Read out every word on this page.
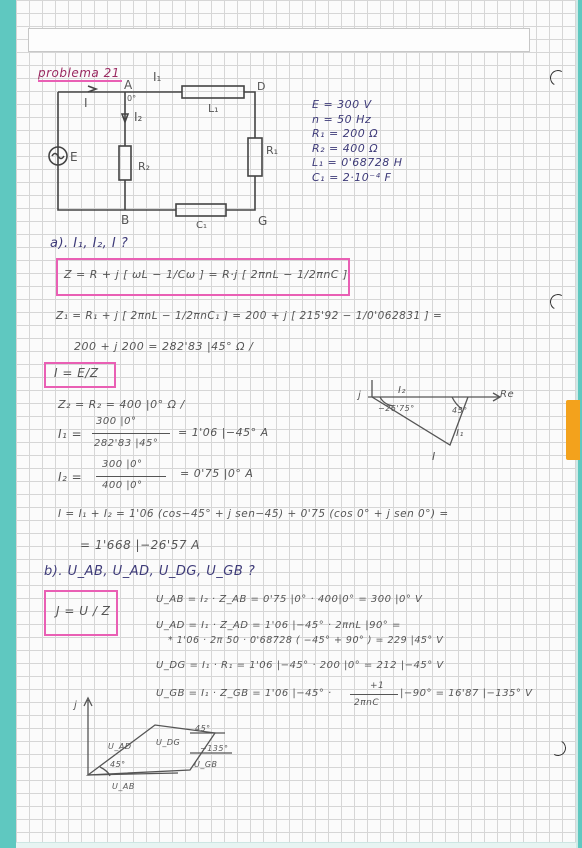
problema 21
A
I₁
D
I	0°
I₂
L₁
R₁
R₂
E
B	C₁	G
E = 300 V
n = 50 Hz
R₁ = 200 Ω
R₂ = 400 Ω
L₁ = 0'68728 H
C₁ = 2·10⁻⁴ F
a). I₁, I₂, I ?
Z = R + j [ ωL − 1/Cω ] = R·j [ 2πnL − 1/2πnC ]
Z₁ = R₁ + j [ 2πnL − 1/2πnC₁ ] = 200 + j [ 215'92 − 1/0'062831 ] =
200 + j 200 = 282'83 |45° Ω /
I = E/Z
Z₂ = R₂ = 400 |0° Ω /
I₁ =
300 |0°
282'83 |45°
= 1'06 |−45° A
I₂ =
300 |0°
400 |0°
= 0'75 |0° A
I = I₁ + I₂ = 1'06 (cos−45° + j sen−45) + 0'75 (cos 0° + j sen 0°) =
= 1'668 |−26'57 A
j	Re
I₂
−26'75°	45°
I₁
I
b). U_AB, U_AD, U_DG, U_GB ?
J = U / Z
U_AB = I₂ · Z_AB = 0'75 |0° · 400|0° = 300 |0° V
U_AD = I₁ · Z_AD = 1'06 |−45° · 2πnL |90° =
* 1'06 · 2π 50 · 0'68728 ( −45° + 90° ) = 229 |45° V
U_DG = I₁ · R₁ = 1'06 |−45° · 200 |0° = 212 |−45° V
U_GB = I₁ · Z_GB = 1'06 |−45° ·
+1
2πnC
|−90° = 16'87 |−135° V
j
U_AD	U_DG
45°
−135°
45°	U_GB
U_AB
